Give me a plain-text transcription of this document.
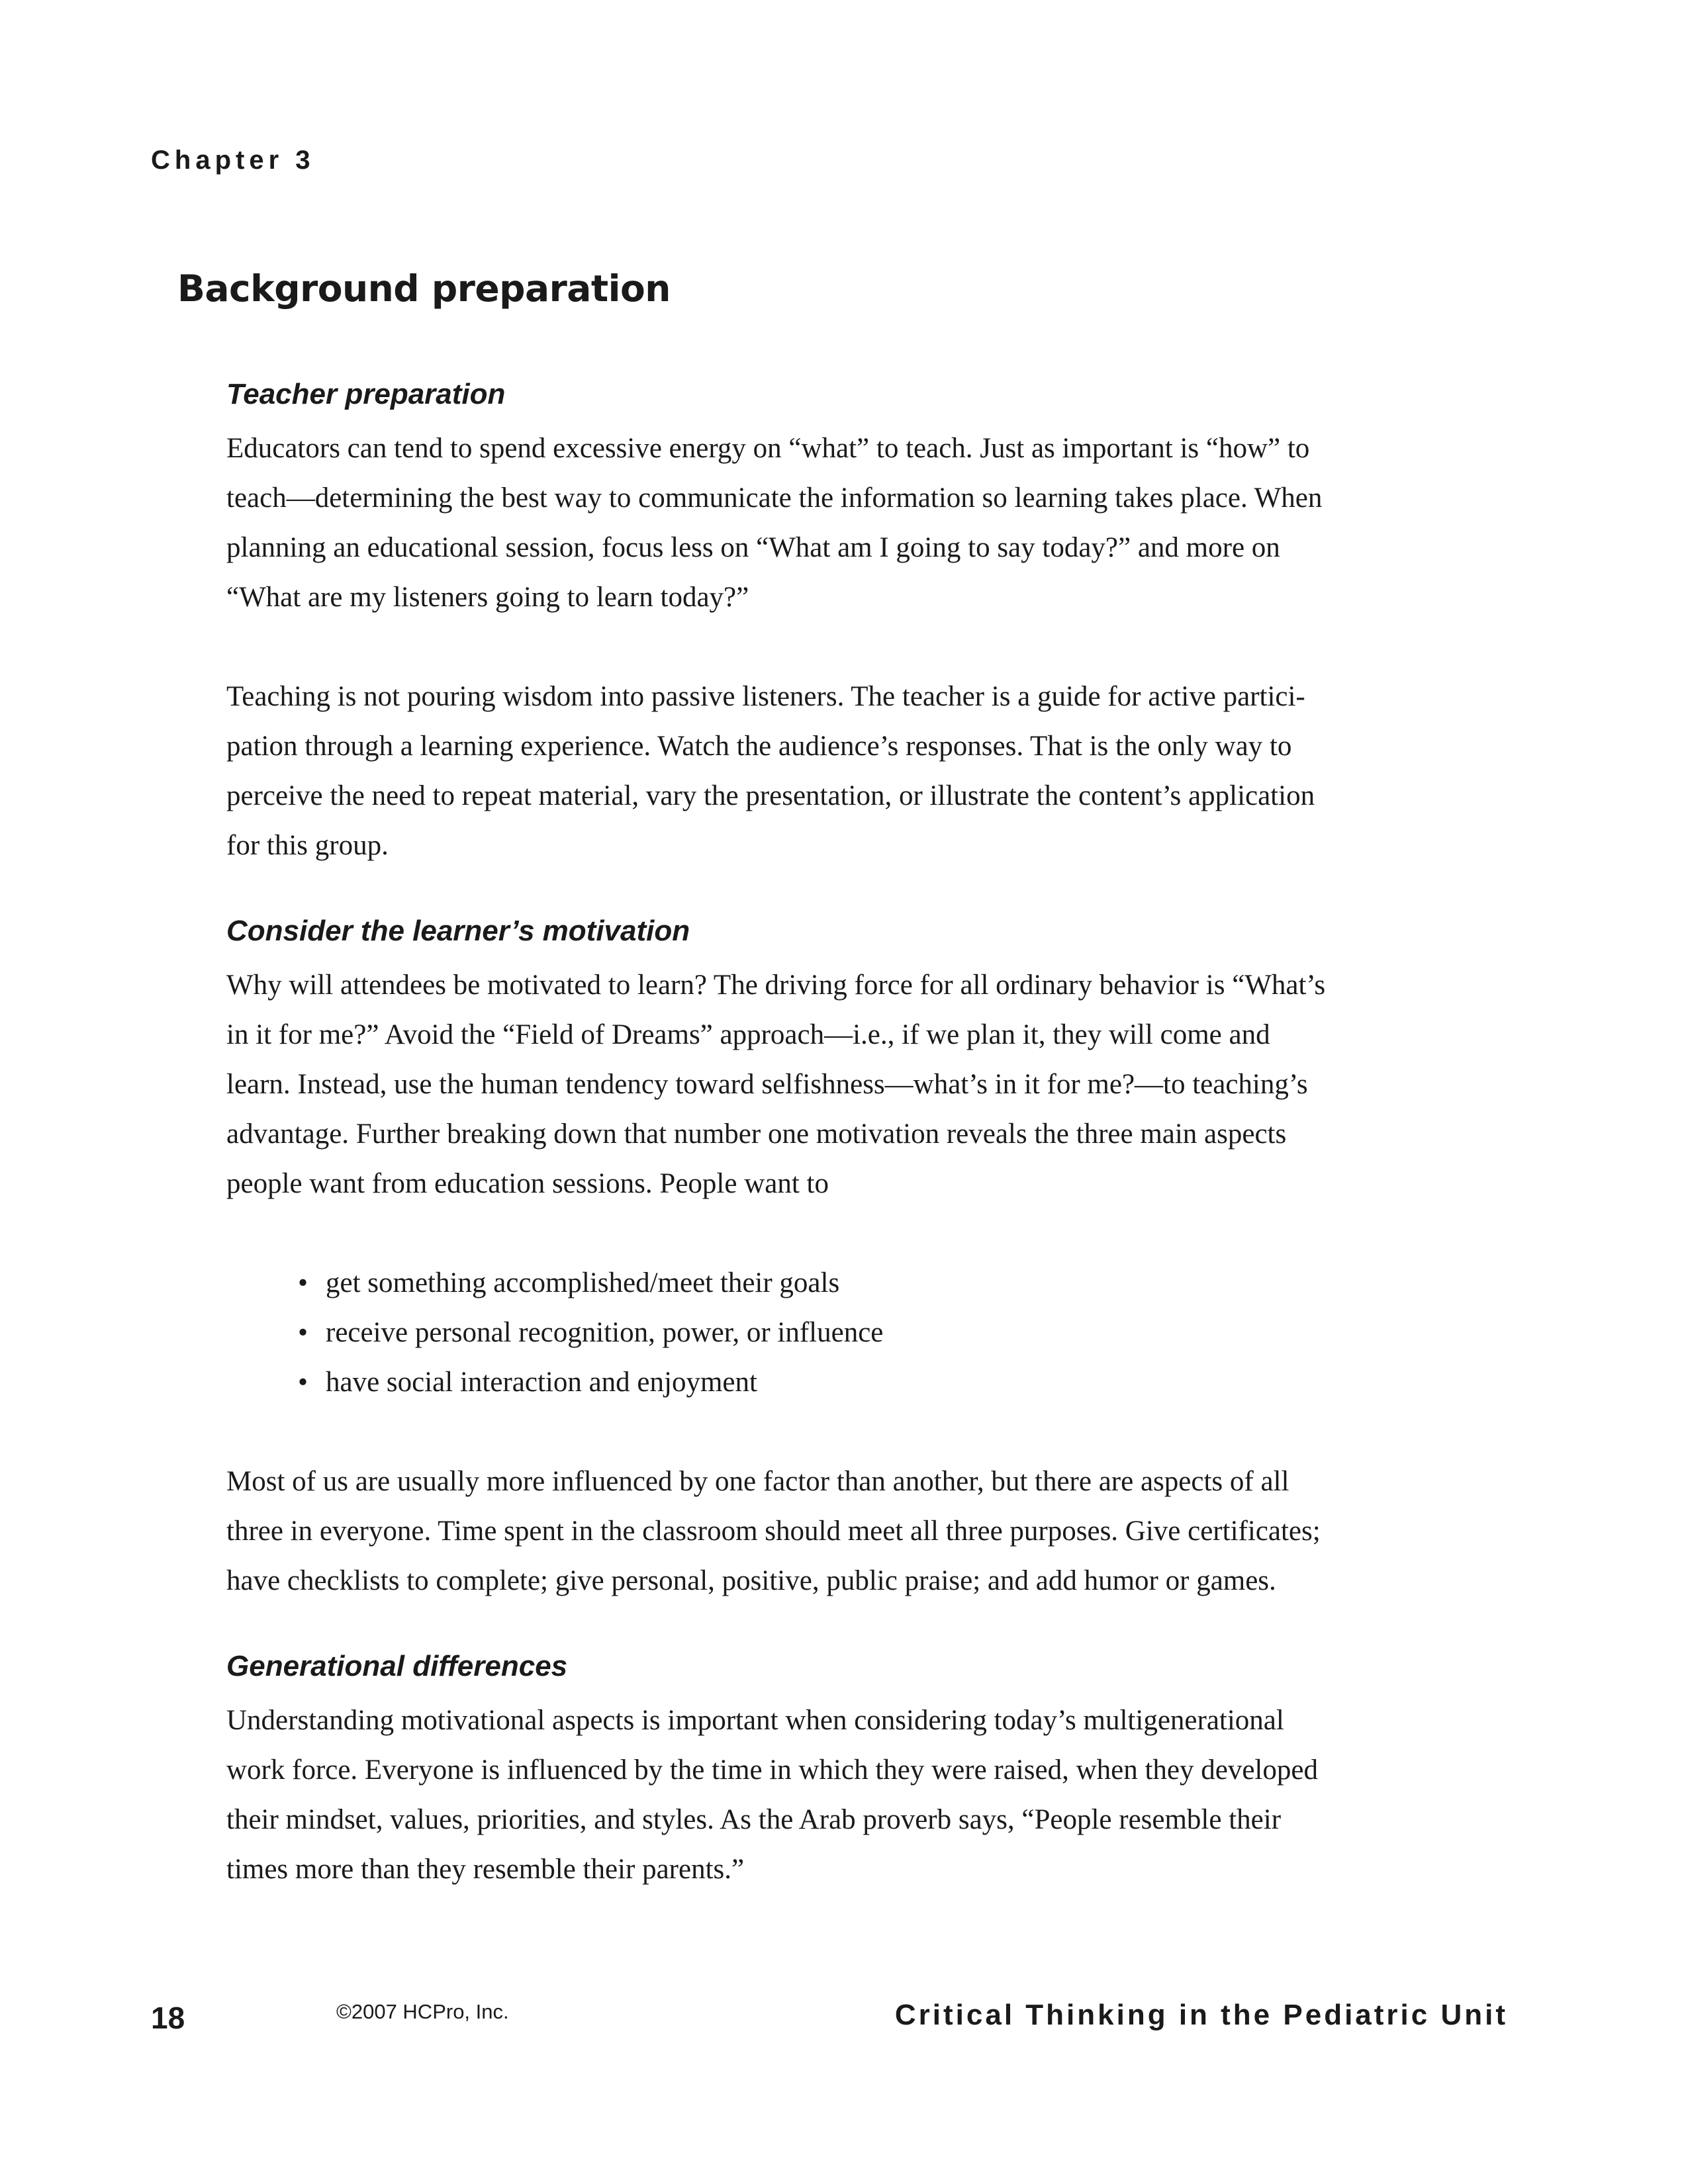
Chapter 3
Background preparation
Teacher preparation

Educators can tend to spend excessive energy on “what” to teach. Just as important is “how” to
teach—determining the best way to communicate the information so learning takes place. When
planning an educational session, focus less on “What am I going to say today?” and more on
“What are my listeners going to learn today?”

Teaching is not pouring wisdom into passive listeners. The teacher is a guide for active partici-
pation through a learning experience. Watch the audience’s responses. That is the only way to
perceive the need to repeat material, vary the presentation, or illustrate the content’s application
for this group.

Consider the learner’s motivation

Why will attendees be motivated to learn? The driving force for all ordinary behavior is “What’s
in it for me?” Avoid the “Field of Dreams” approach—i.e., if we plan it, they will come and
learn. Instead, use the human tendency toward selfishness—what’s in it for me?—to teaching’s
advantage. Further breaking down that number one motivation reveals the three main aspects
people want from education sessions. People want to

• get something accomplished/meet their goals
• receive personal recognition, power, or influence
• have social interaction and enjoyment

Most of us are usually more influenced by one factor than another, but there are aspects of all
three in everyone. Time spent in the classroom should meet all three purposes. Give certificates;
have checklists to complete; give personal, positive, public praise; and add humor or games.

Generational differences

Understanding motivational aspects is important when considering today’s multigenerational
work force. Everyone is influenced by the time in which they were raised, when they developed
their mindset, values, priorities, and styles. As the Arab proverb says, “People resemble their
times more than they resemble their parents.”

18	©2007 HCPro, Inc.	Critical Thinking in the Pediatric Unit
